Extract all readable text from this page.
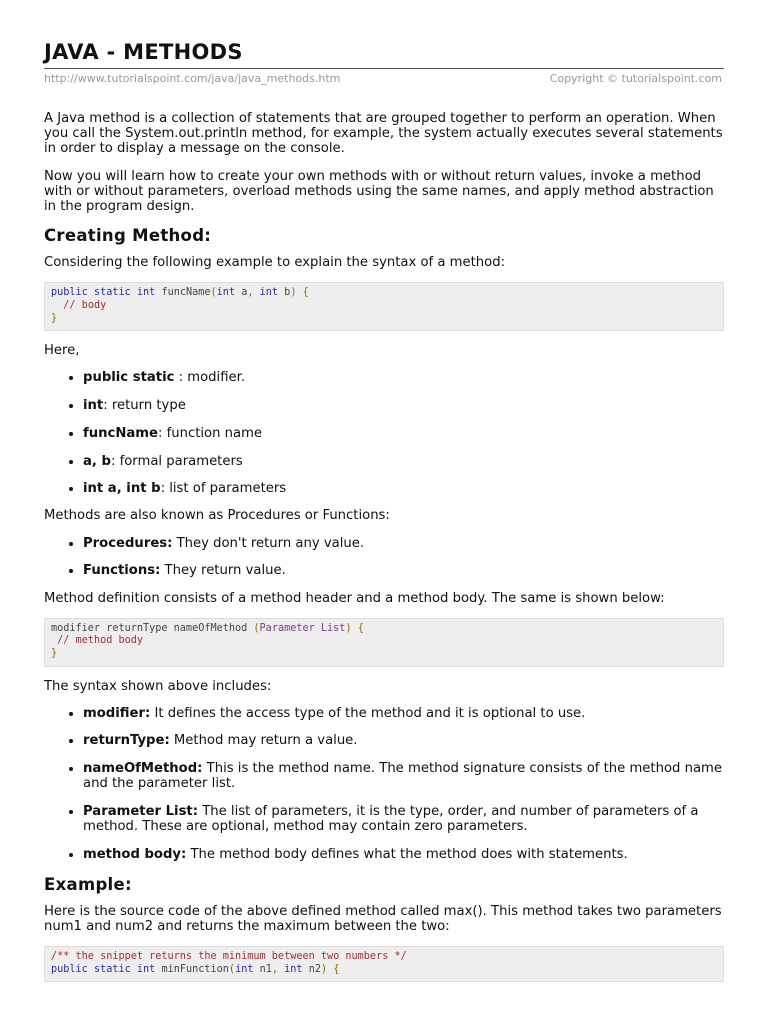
JAVA - METHODS
http://www.tutorialspoint.com/java/java_methods.htm	Copyright © tutorialspoint.com

A Java method is a collection of statements that are grouped together to perform an operation. When you call the System.out.println method, for example, the system actually executes several statements in order to display a message on the console.

Now you will learn how to create your own methods with or without return values, invoke a method with or without parameters, overload methods using the same names, and apply method abstraction in the program design.

Creating Method:

Considering the following example to explain the syntax of a method:

public static int funcName(int a, int b) {
// body
}

Here,

• public static : modifier.
• int: return type
• funcName: function name
• a, b: formal parameters
• int a, int b: list of parameters

Methods are also known as Procedures or Functions:

• Procedures: They don't return any value.
• Functions: They return value.

Method definition consists of a method header and a method body. The same is shown below:

modifier returnType nameOfMethod (Parameter List) {
// method body
}

The syntax shown above includes:

• modifier: It defines the access type of the method and it is optional to use.
• returnType: Method may return a value.
• nameOfMethod: This is the method name. The method signature consists of the method name and the parameter list.
• Parameter List: The list of parameters, it is the type, order, and number of parameters of a method. These are optional, method may contain zero parameters.
• method body: The method body defines what the method does with statements.
Example:

Here is the source code of the above defined method called max(). This method takes two parameters num1 and num2 and returns the maximum between the two:

/** the snippet returns the minimum between two numbers */
public static int minFunction(int n1, int n2) {
